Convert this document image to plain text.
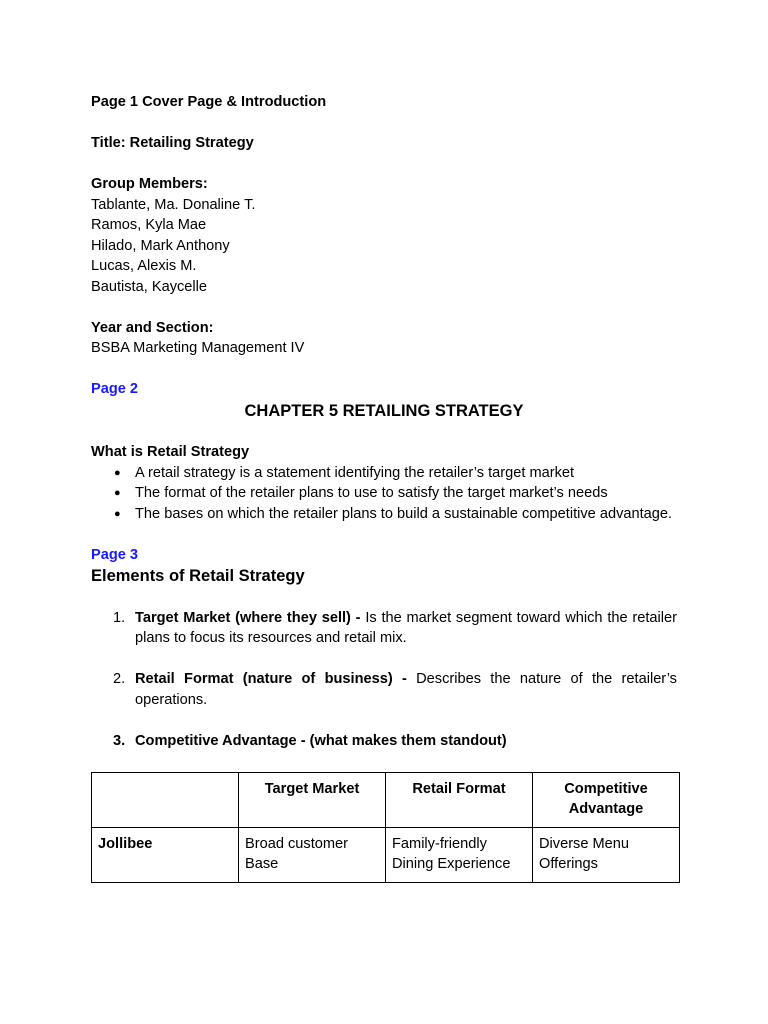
Page 1 Cover Page & Introduction

Title: Retailing Strategy

Group Members:

Tablante, Ma. Donaline T.

Ramos, Kyla Mae

Hilado, Mark Anthony

Lucas, Alexis M.

Bautista, Kaycelle

Year and Section:

BSBA Marketing Management IV

Page 2

CHAPTER 5 RETAILING STRATEGY

What is Retail Strategy

● A retail strategy is a statement identifying the retailer’s target market
● The format of the retailer plans to use to satisfy the target market’s needs
● The bases on which the retailer plans to build a sustainable competitive advantage.

Page 3

Elements of Retail Strategy

1. Target Market (where they sell) - Is the market segment toward which the retailer plans to focus its resources and retail mix.
2. Retail Format (nature of business) - Describes the nature of the retailer’s operations.
3. Competitive Advantage - (what makes them standout)
	Target Market	Retail Format	Competitive Advantage
Jollibee	Broad customer Base	Family-friendly Dining Experience	Diverse Menu Offerings
